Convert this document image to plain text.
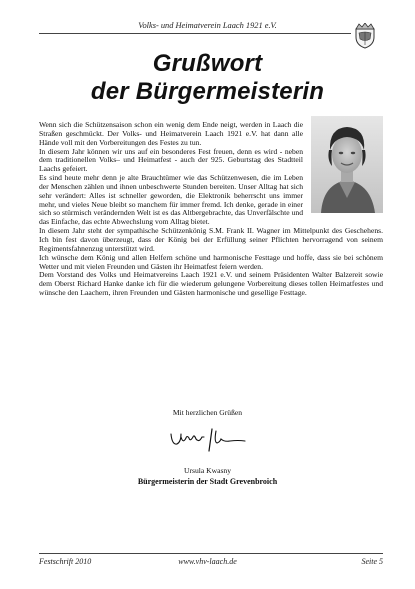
Volks- und Heimatverein Laach 1921 e.V.
Grußwort
der Bürgermeisterin

Wenn sich die Schützensaison schon ein wenig dem Ende neigt, werden in Laach die Straßen geschmückt. Der Volks- und Heimatverein Laach 1921 e.V. hat dann alle Hände voll mit den Vorbereitungen des Festes zu tun.

In diesem Jahr können wir uns auf ein besonderes Fest freuen, denn es wird - neben dem traditionellen Volks– und Heimatfest - auch der 925. Geburtstag des Stadtteil Laachs gefeiert.

Es sind heute mehr denn je alte Brauchtümer wie das Schützenwesen, die im Leben der Menschen zählen und ihnen unbeschwerte Stunden bereiten. Unser Alltag hat sich sehr verändert: Alles ist schneller geworden, die Elektronik beherrscht uns immer mehr, und vieles Neue bleibt so manchem für immer fremd. Ich denke, gerade in einer sich so stürmisch verändernden Welt ist es das Altbergebrachte, das Unverfälschte und das Einfache, das echte Abwechslung vom Alltag bietet.

In diesem Jahr steht der sympathische Schützenkönig S.M. Frank II. Wagner im Mittelpunkt des Geschehens. Ich bin fest davon überzeugt, dass der König bei der Erfüllung seiner Pflichten hervorragend von seinem Regimentsfahnenzug unterstützt wird.

Ich wünsche dem König und allen Helfern schöne und harmonische Festtage und hoffe, dass sie bei schönem Wetter und mit vielen Freunden und Gästen ihr Heimatfest feiern werden.

Dem Vorstand des Volks und Heimatvereins Laach 1921 e.V. und seinem Präsidenten Walter Balzereit sowie dem Oberst Richard Hanke danke ich für die wiederum gelungene Vorbereitung dieses tollen Heimatfestes und wünsche den Laachern, ihren Freunden und Gästen harmonische und gesellige Festtage.

Mit herzlichen Grüßen
Ursula Kwasny
Bürgermeisterin der Stadt Grevenbroich
Festschrift 2010	www.vhv-laach.de	Seite 5
